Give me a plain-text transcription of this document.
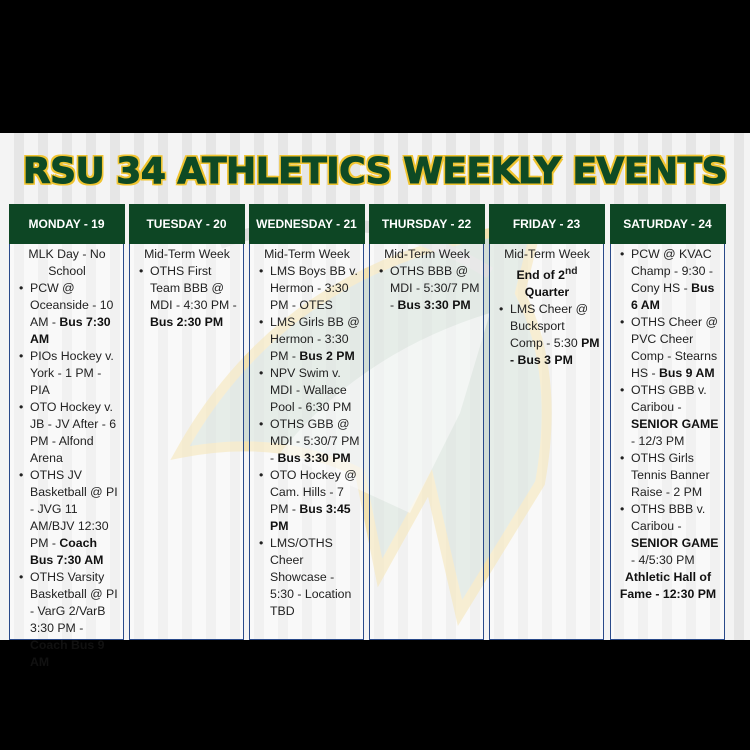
RSU 34 ATHLETICS WEEKLY EVENTS
MONDAY - 19
MLK Day - No School
• PCW @ Oceanside - 10 AM - Bus 7:30 AM
• PIOs Hockey v. York - 1 PM - PIA
• OTO Hockey v. JB - JV After - 6 PM - Alfond Arena
• OTHS JV Basketball @ PI - JVG 11 AM/BJV 12:30 PM - Coach Bus 7:30 AM
• OTHS Varsity Basketball @ PI - VarG 2/VarB 3:30 PM - Coach Bus 9 AM
TUESDAY - 20
Mid-Term Week
• OTHS First Team BBB @ MDI - 4:30 PM - Bus 2:30 PM
WEDNESDAY - 21
Mid-Term Week
• LMS Boys BB v. Hermon - 3:30 PM - OTES
• LMS Girls BB @ Hermon - 3:30 PM - Bus 2 PM
• NPV Swim v. MDI - Wallace Pool - 6:30 PM
• OTHS GBB @ MDI - 5:30/7 PM - Bus 3:30 PM
• OTO Hockey @ Cam. Hills - 7 PM - Bus 3:45 PM
• LMS/OTHS Cheer Showcase - 5:30 - Location TBD
THURSDAY - 22
Mid-Term Week
• OTHS BBB @ MDI - 5:30/7 PM - Bus 3:30 PM
FRIDAY - 23
Mid-Term Week
End of 2nd Quarter
• LMS Cheer @ Bucksport Comp - 5:30 PM - Bus 3 PM
SATURDAY - 24
• PCW @ KVAC Champ - 9:30 - Cony HS - Bus 6 AM
• OTHS Cheer @ PVC Cheer Comp - Stearns HS - Bus 9 AM
• OTHS GBB v. Caribou - SENIOR GAME - 12/3 PM
• OTHS Girls Tennis Banner Raise - 2 PM
• OTHS BBB v. Caribou - SENIOR GAME - 4/5:30 PM
Athletic Hall of Fame - 12:30 PM
